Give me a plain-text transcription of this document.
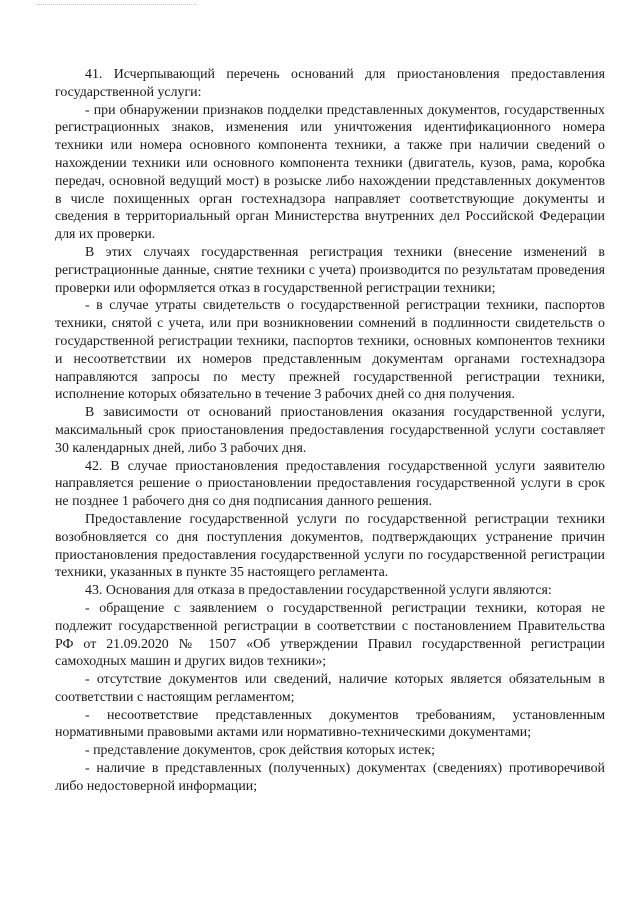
41. Исчерпывающий перечень оснований для приостановления предоставления государственной услуги:

- при обнаружении признаков подделки представленных документов, государственных регистрационных знаков, изменения или уничтожения идентификационного номера техники или номера основного компонента техники, а также при наличии сведений о нахождении техники или основного компонента техники (двигатель, кузов, рама, коробка передач, основной ведущий мост) в розыске либо нахождении представленных документов в числе похищенных орган гостехнадзора направляет соответствующие документы и сведения в территориальный орган Министерства внутренних дел Российской Федерации для их проверки.

В этих случаях государственная регистрация техники (внесение изменений в регистрационные данные, снятие техники с учета) производится по результатам проведения проверки или оформляется отказ в государственной регистрации техники;

- в случае утраты свидетельств о государственной регистрации техники, паспортов техники, снятой с учета, или при возникновении сомнений в подлинности свидетельств о государственной регистрации техники, паспортов техники, основных компонентов техники и несоответствии их номеров представленным документам органами гостехнадзора направляются запросы по месту прежней государственной регистрации техники, исполнение которых обязательно в течение 3 рабочих дней со дня получения.

В зависимости от оснований приостановления оказания государственной услуги, максимальный срок приостановления предоставления государственной услуги составляет 30 календарных дней, либо 3 рабочих дня.

42. В случае приостановления предоставления государственной услуги заявителю направляется решение о приостановлении предоставления государственной услуги в срок не позднее 1 рабочего дня со дня подписания данного решения.

Предоставление государственной услуги по государственной регистрации техники возобновляется со дня поступления документов, подтверждающих устранение причин приостановления предоставления государственной услуги по государственной регистрации техники, указанных в пункте 35 настоящего регламента.

43. Основания для отказа в предоставлении государственной услуги являются:

- обращение с заявлением о государственной регистрации техники, которая не подлежит государственной регистрации в соответствии с постановлением Правительства РФ от 21.09.2020 № 1507 «Об утверждении Правил государственной регистрации самоходных машин и других видов техники»;

- отсутствие документов или сведений, наличие которых является обязательным в соответствии с настоящим регламентом;

- несоответствие представленных документов требованиям, установленным нормативными правовыми актами или нормативно-техническими документами;

- представление документов, срок действия которых истек;

- наличие в представленных (полученных) документах (сведениях) противоречивой либо недостоверной информации;
